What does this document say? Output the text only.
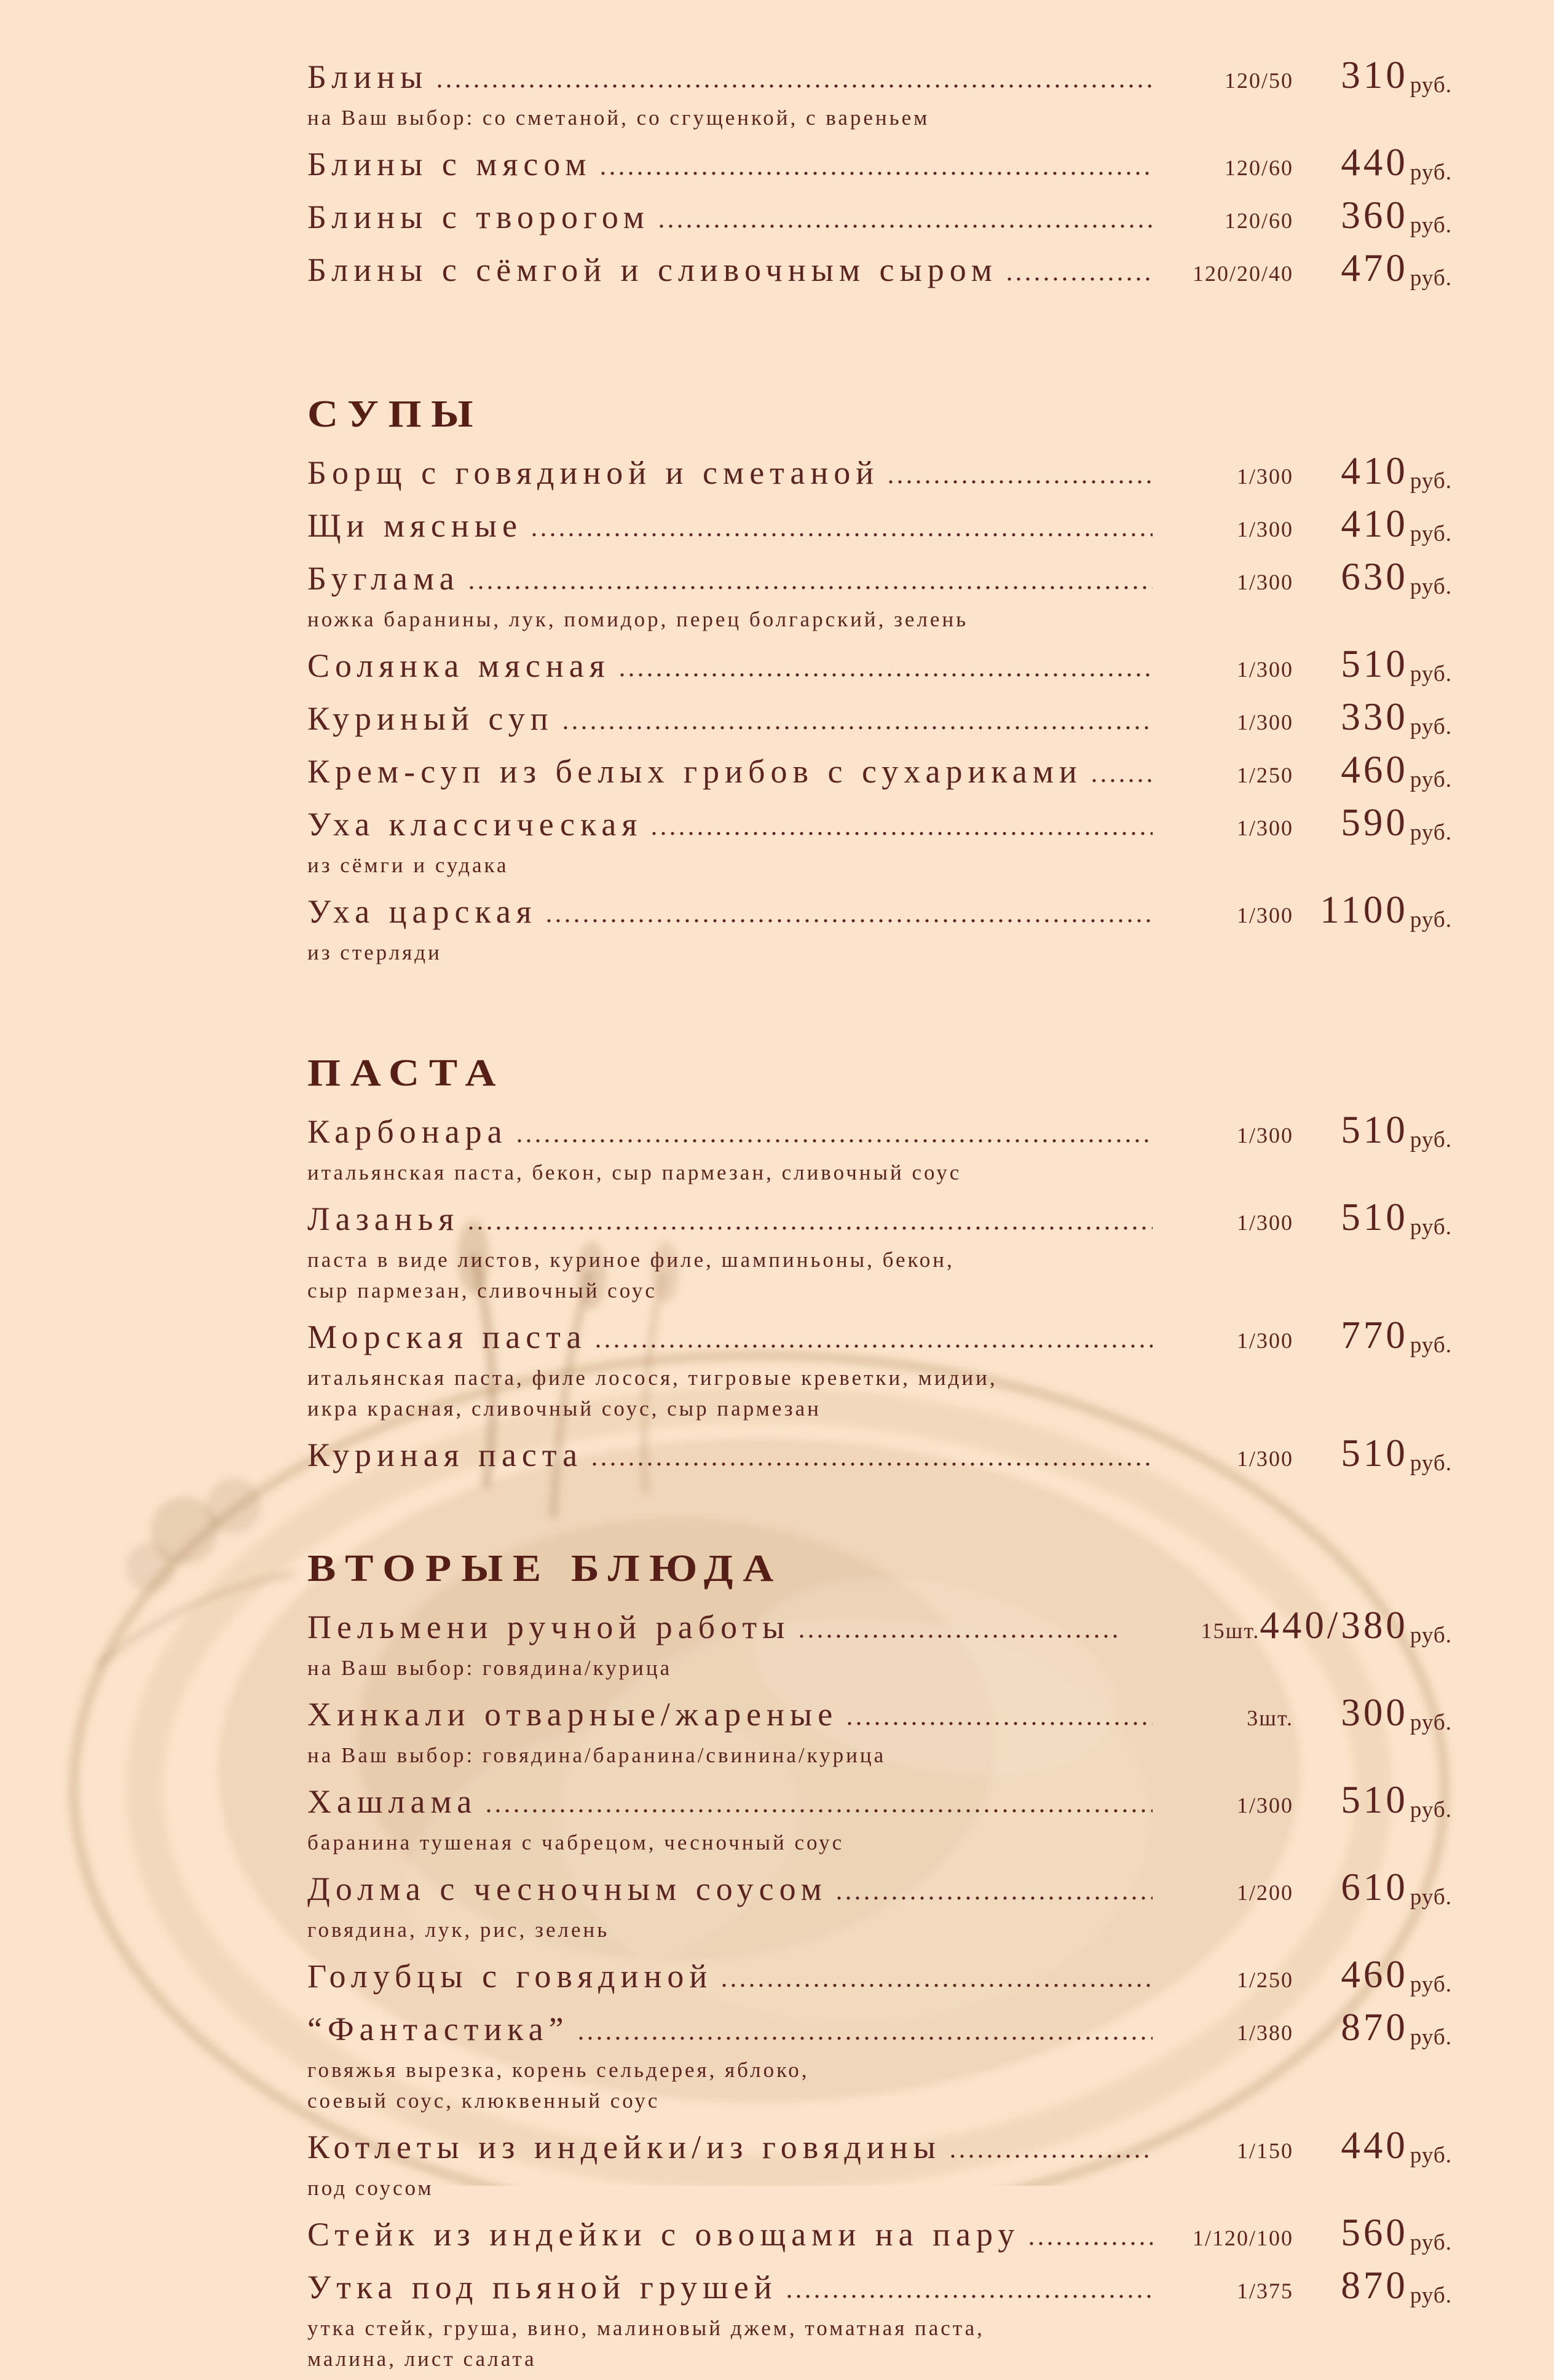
Блины	120/50	310руб.
на Ваш выбор: со сметаной, со сгущенкой, с вареньем
Блины с мясом	120/60	440руб.
Блины с творогом	120/60	360руб.
Блины с сёмгой и сливочным сыром	120/20/40	470руб.
СУПЫ
Борщ с говядиной и сметаной	1/300	410руб.
Щи мясные	1/300	410руб.
Буглама	1/300	630руб.
ножка баранины, лук, помидор, перец болгарский, зелень
Солянка мясная	1/300	510руб.
Куриный суп	1/300	330руб.
Крем-суп из белых грибов с сухариками	1/250	460руб.
Уха классическая	1/300	590руб.
из сёмги и судака
Уха царская	1/300 1100руб.
из стерляди
ПАСТА
Карбонара	1/300	510руб.
итальянская паста, бекон, сыр пармезан, сливочный соус
Лазанья	1/300	510руб.
паста в виде листов, куриное филе, шампиньоны, бекон,
сыр пармезан, сливочный соус
Морская паста	1/300	770руб.
итальянская паста, филе лосося, тигровые креветки, мидии,
икра красная, сливочный соус, сыр пармезан
Куриная паста	1/300	510руб.
ВТОРЫЕ БЛЮДА
Пельмени ручной работы	15шт. 440/380руб.
на Ваш выбор: говядина/курица
Хинкали отварные/жареные	3шт.	300руб.
на Ваш выбор: говядина/баранина/свинина/курица
Хашлама	1/300	510руб.
баранина тушеная с чабрецом, чесночный соус
Долма с чесночным соусом	1/200	610руб.
говядина, лук, рис, зелень
Голубцы с говядиной	1/250	460руб.
“Фантастика”	1/380	870руб.
говяжья вырезка, корень сельдерея, яблоко,
соевый соус, клюквенный соус
Котлеты из индейки/из говядины	1/150	440руб.
под соусом
Стейк из индейки с овощами на пару	1/120/100	560руб.
Утка под пьяной грушей	1/375	870руб.
утка стейк, груша, вино, малиновый джем, томатная паста,
малина, лист салата
